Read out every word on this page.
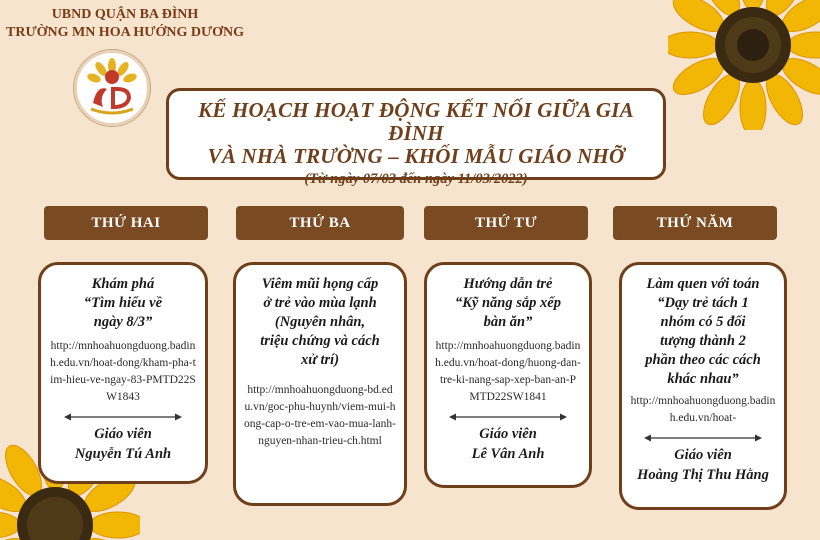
UBND QUẬN BA ĐÌNH
TRƯỜNG MN HOA HƯỚNG DƯƠNG
KẾ HOẠCH HOẠT ĐỘNG KẾT NỐI GIỮA GIA ĐÌNH
VÀ NHÀ TRƯỜNG – KHỐI MẪU GIÁO NHỠ
(Từ ngày 07/03 đến ngày 11/03/2022)
THỨ HAI	THỨ BA	THỨ TƯ	THỨ NĂM
Khám phá
“Tìm hiểu về
ngày 8/3”
http://mnhoahuongduong.badinh.edu.vn/hoat-dong/kham-pha-tim-hieu-ve-ngay-83-PMTD22SW1843
Giáo viên
Nguyễn Tú Anh
Viêm mũi họng cấp
ở trẻ vào mùa lạnh
(Nguyên nhân,
triệu chứng và cách
xử trí)
http://mnhoahuongduong-bd.edu.vn/goc-phu-huynh/viem-mui-hong-cap-o-tre-em-vao-mua-lanh-nguyen-nhan-trieu-ch.html
Hướng dẫn trẻ
“Kỹ năng sắp xếp
bàn ăn”
http://mnhoahuongduong.badinh.edu.vn/hoat-dong/huong-dan-tre-ki-nang-sap-xep-ban-an-PMTD22SW1841
Giáo viên
Lê Vân Anh
Làm quen với toán
“Dạy trẻ tách 1
nhóm có 5 đối
tượng thành 2
phần theo các cách
khác nhau”
http://mnhoahuongduong.badinh.edu.vn/hoat-
Giáo viên
Hoàng Thị Thu Hằng
